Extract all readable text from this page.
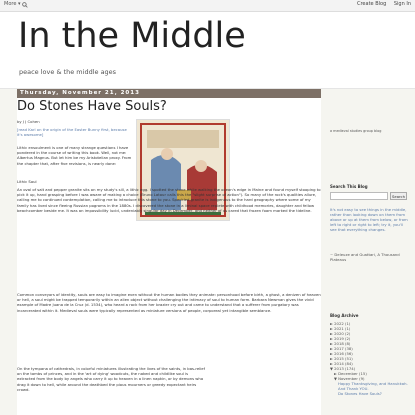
More ▾	Create Blog Sign In
In the Middle
peace love & the middle ages
Thursday, November 21, 2013
Do Stones Have Souls?
by J J Cohen
[read Karl on the origin of the Easter Bunny first, because it's awesome]

Lithic ensoulment is one of many strange questions I have pondered in the course of writing this book. Well, not me: Albertus Magnus. But let him be my Aristotelian proxy. From the chapter that, after five revisions, is nearly done:

Lithic Soul

An oval of salt and pepper granite sits on my study's sill, a lithic egg. I spotted the stone while walking the ocean's edge in Maine and found myself stooping to pick it up, hand grasping before I was aware of making a choice (Bruno Latour calls this the "slight surprise of action"). So many of the rock's qualities allure, calling me to continued contemplation, calling me to introduce this stone to you. Speckled granite is indigenous to the hard geography where some of my family has lived since fleeing Russian pogroms in the 1880s. I discovered the stone in a liminal space replete with childhood memories, daughter and fellow beachcomber beside me. It was an impossibility lucid, undeniably singular day in December, and neither of us cared that frozen foam marked the tideline.

Common conveyors of identity, souls are easy to imagine even without the human bodies they animate: personhood before birth, a ghost, a denizen of heaven or hell, a soul might be trapped temporarily within an alien object without challenging the intimacy of soul to human form. Barbara Newman gives the vivid example of Madre Juana de la Cruz (d. 1534), who heard a rock from her brazier cry out and came to understand that a sufferer from purgatory was incarcerated within it. Medieval souls were typically represented as miniature versions of people, corporeal yet intangible semblance.

On the tympana of cathedrals, in colorful miniatures illustrating the lives of the saints, in bas-relief on the tombs of princes, and in the 'art of dying' woodcuts, the naked and childlike soul is extracted from the body by angels who carry it up to heaven in a linen napkin, or by demons who drag it down to hell, while around the deathbed the pious mourners or greedy expectant heirs crowd.

a medieval studies group blog
Search This Blog
Search
It's not easy to see things in the middle, rather than looking down on them from above or up at them from below, or from left to right or right to left; try it, you'll see that everything changes.
~ Deleuze and Guattari, A Thousand Plateaus
Blog Archive
► 2022 (1)
► 2021 (1)
► 2020 (2)
► 2019 (2)
► 2018 (8)
► 2017 (38)
► 2016 (56)
► 2015 (51)
► 2014 (84)
▼ 2013 (174)
► December (15)
▼ November (9)
Happy Thanksgiving, and Hanukkah. And Thank YOU.
Do Stones Have Souls?
